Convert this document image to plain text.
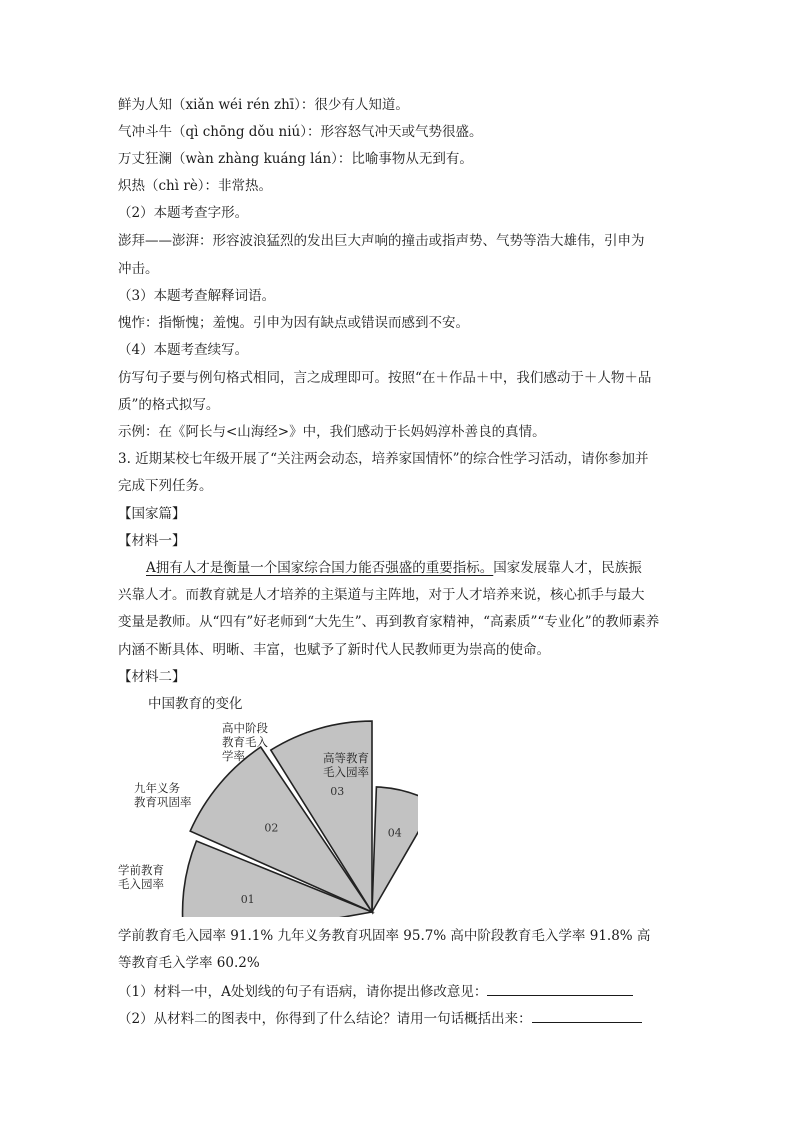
鲜为人知（xiǎn wéi rén zhī）：很少有人知道。
气冲斗牛（qì chōng dǒu niú）：形容怒气冲天或气势很盛。
万丈狂澜（wàn zhàng kuáng lán）：比喻事物从无到有。
炽热（chì rè）：非常热。
（2）本题考查字形。
澎拜——澎湃：形容波浪猛烈的发出巨大声响的撞击或指声势、气势等浩大雄伟，引申为
冲击。
（3）本题考查解释词语。
愧怍：指惭愧；羞愧。引申为因有缺点或错误而感到不安。
（4）本题考查续写。
仿写句子要与例句格式相同，言之成理即可。按照“在＋作品＋中，我们感动于＋人物＋品
质”的格式拟写。
示例：在《阿长与<山海经>》中，我们感动于长妈妈淳朴善良的真情。
3. 近期某校七年级开展了“关注两会动态，培养家国情怀”的综合性学习活动，请你参加并
完成下列任务。
【国家篇】
【材料一】
A拥有人才是衡量一个国家综合国力能否强盛的重要指标。国家发展靠人才，民族振
兴靠人才。而教育就是人才培养的主渠道与主阵地，对于人才培养来说，核心抓手与最大
变量是教师。从“四有”好老师到“大先生”、再到教育家精神，“高素质”“专业化”的教师素养
内涵不断具体、明晰、丰富，也赋予了新时代人民教师更为崇高的使命。
【材料二】
中国教育的变化
01
学前教育
毛入园率
02
九年义务
教育巩固率
03
高中阶段
教育毛入
学率
04
高等教育
毛入园率
学前教育毛入园率 91.1% 九年义务教育巩固率 95.7% 高中阶段教育毛入学率 91.8% 高
等教育毛入学率 60.2%
（1）材料一中，A处划线的句子有语病，请你提出修改意见：
（2）从材料二的图表中，你得到了什么结论？请用一句话概括出来：
